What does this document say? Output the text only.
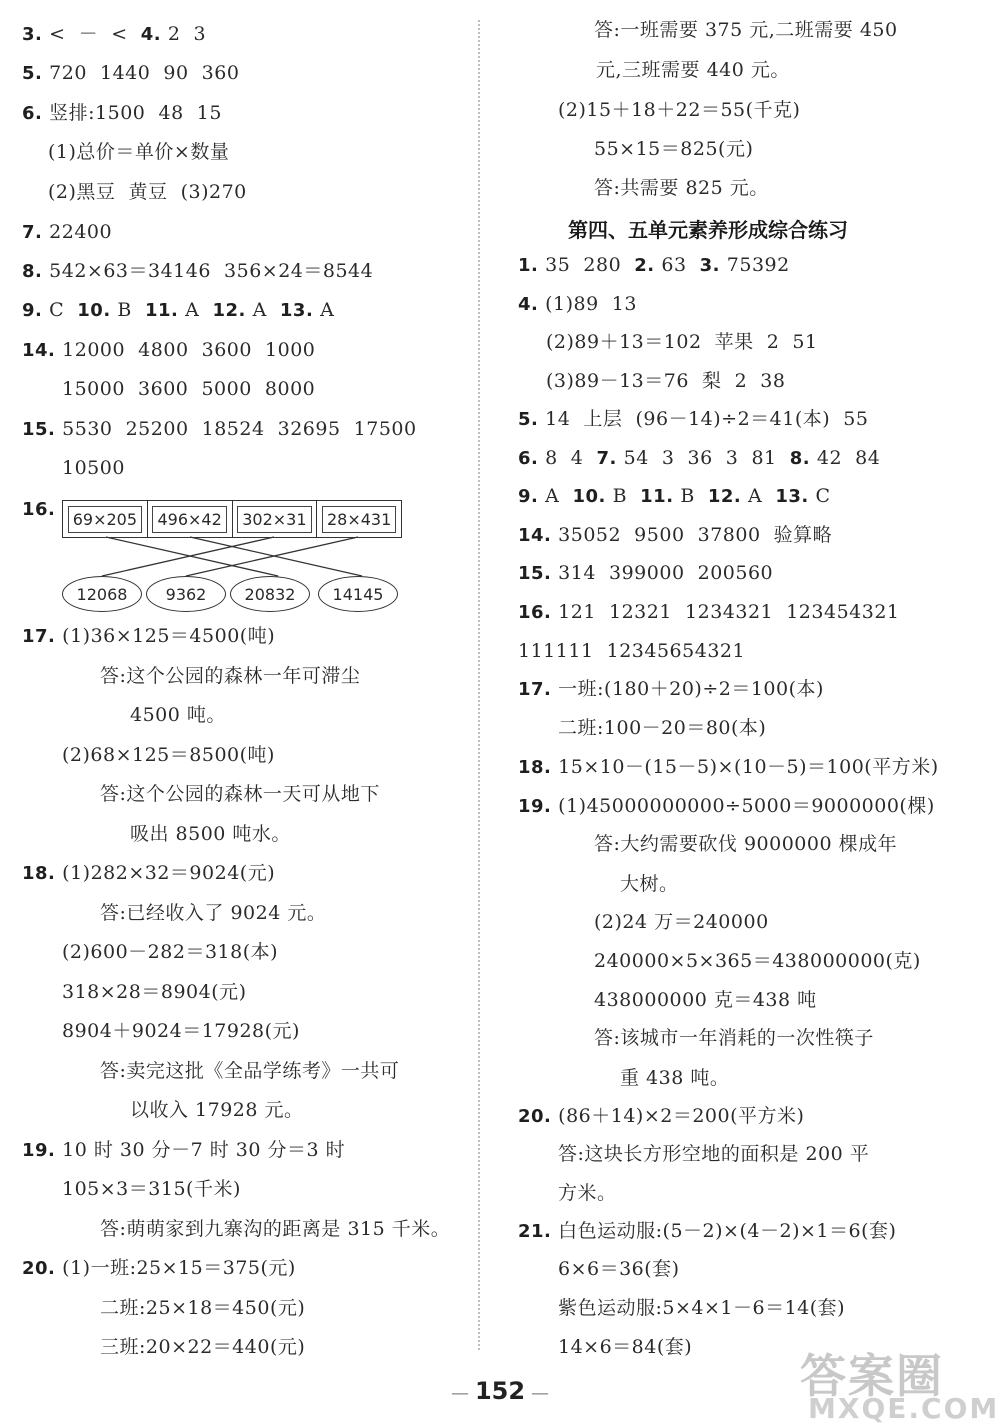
3. <  －  <  4. 2  3
5. 720  1440  90  360
6. 竖排:1500  48  15
(1)总价＝单价×数量
(2)黑豆  黄豆  (3)270
7. 22400
8. 542×63＝34146  356×24＝8544
9. C  10. B  11. A  12. A  13. A
14. 12000  4800  3600  1000
15000  3600  5000  8000
15. 5530  25200  18524  32695  17500
10500
16.
17. (1)36×125＝4500(吨)
答:这个公园的森林一年可滞尘
4500 吨。
(2)68×125＝8500(吨)
答:这个公园的森林一天可从地下
吸出 8500 吨水。
18. (1)282×32＝9024(元)
答:已经收入了 9024 元。
(2)600－282＝318(本)
318×28＝8904(元)
8904＋9024＝17928(元)
答:卖完这批《全品学练考》一共可
以收入 17928 元。
19. 10 时 30 分－7 时 30 分＝3 时
105×3＝315(千米)
答:萌萌家到九寨沟的距离是 315 千米。
20. (1)一班:25×15＝375(元)
二班:25×18＝450(元)
三班:20×22＝440(元)
答:一班需要 375 元,二班需要 450
元,三班需要 440 元。
(2)15＋18＋22＝55(千克)
55×15＝825(元)
答:共需要 825 元。
第四、五单元素养形成综合练习
1. 35  280  2. 63  3. 75392
4. (1)89  13
(2)89＋13＝102  苹果  2  51
(3)89－13＝76  梨  2  38
5. 14  上层  (96－14)÷2＝41(本)  55
6. 8  4  7. 54  3  36  3  81  8. 42  84
9. A  10. B  11. B  12. A  13. C
14. 35052  9500  37800  验算略
15. 314  399000  200560
16. 121  12321  1234321  123454321
111111  12345654321
17. 一班:(180＋20)÷2＝100(本)
二班:100－20＝80(本)
18. 15×10－(15－5)×(10－5)＝100(平方米)
19. (1)45000000000÷5000＝9000000(棵)
答:大约需要砍伐 9000000 棵成年
大树。
(2)24 万＝240000
240000×5×365＝438000000(克)
438000000 克＝438 吨
答:该城市一年消耗的一次性筷子
重 438 吨。
20. (86＋14)×2＝200(平方米)
答:这块长方形空地的面积是 200 平
方米。
21. 白色运动服:(5－2)×(4－2)×1＝6(套)
6×6＝36(套)
紫色运动服:5×4×1－6＝14(套)
14×6＝84(套)
69×205	496×42	302×31	28×431
12068	9362	20832	14145
— 152 —	答案圈
MXQE.COM
